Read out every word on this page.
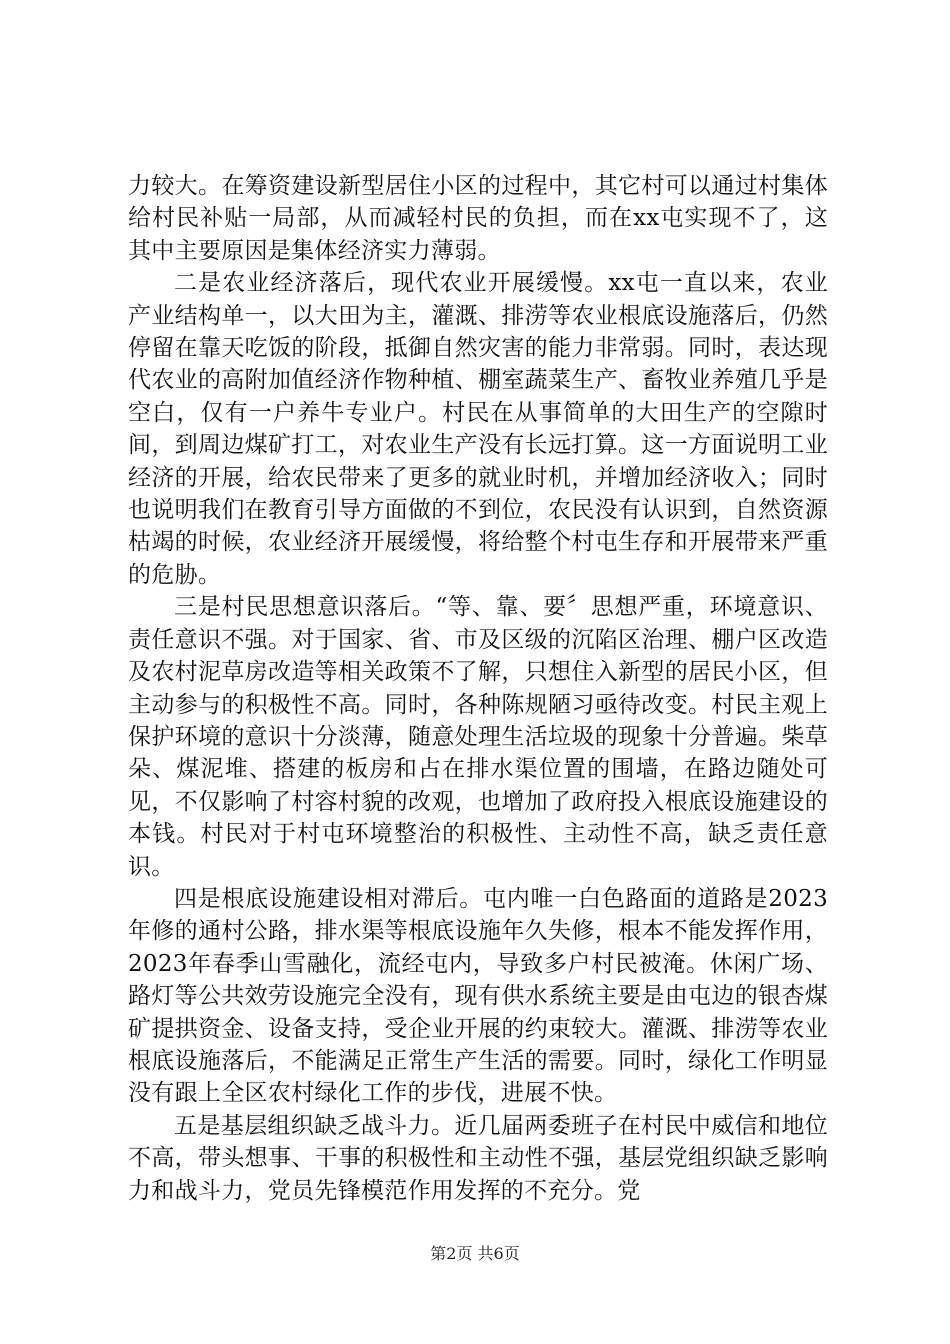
力较大。在筹资建设新型居住小区的过程中，其它村可以通过村集体给村民补贴一局部，从而减轻村民的负担，而在xx屯实现不了，这其中主要原因是集体经济实力薄弱。

二是农业经济落后，现代农业开展缓慢。xx屯一直以来，农业产业结构单一，以大田为主，灌溉、排涝等农业根底设施落后，仍然停留在靠天吃饭的阶段，抵御自然灾害的能力非常弱。同时，表达现代农业的高附加值经济作物种植、棚室蔬菜生产、畜牧业养殖几乎是空白，仅有一户养牛专业户。村民在从事简单的大田生产的空隙时间，到周边煤矿打工，对农业生产没有长远打算。这一方面说明工业经济的开展，给农民带来了更多的就业时机，并增加经济收入；同时也说明我们在教育引导方面做的不到位，农民没有认识到，自然资源枯竭的时候，农业经济开展缓慢，将给整个村屯生存和开展带来严重的危胁。

三是村民思想意识落后。“等、靠、要〞思想严重，环境意识、责任意识不强。对于国家、省、市及区级的沉陷区治理、棚户区改造及农村泥草房改造等相关政策不了解，只想住入新型的居民小区，但主动参与的积极性不高。同时，各种陈规陋习亟待改变。村民主观上保护环境的意识十分淡薄，随意处理生活垃圾的现象十分普遍。柴草朵、煤泥堆、搭建的板房和占在排水渠位置的围墙，在路边随处可见，不仅影响了村容村貌的改观，也增加了政府投入根底设施建设的本钱。村民对于村屯环境整治的积极性、主动性不高，缺乏责任意识。

四是根底设施建设相对滞后。屯内唯一白色路面的道路是2023年修的通村公路，排水渠等根底设施年久失修，根本不能发挥作用，2023年春季山雪融化，流经屯内，导致多户村民被淹。休闲广场、路灯等公共效劳设施完全没有，现有供水系统主要是由屯边的银杏煤矿提拱资金、设备支持，受企业开展的约束较大。灌溉、排涝等农业根底设施落后，不能满足正常生产生活的需要。同时，绿化工作明显没有跟上全区农村绿化工作的步伐，进展不快。

五是基层组织缺乏战斗力。近几届两委班子在村民中威信和地位不高，带头想事、干事的积极性和主动性不强，基层党组织缺乏影响力和战斗力，党员先锋模范作用发挥的不充分。党

第2页 共6页
